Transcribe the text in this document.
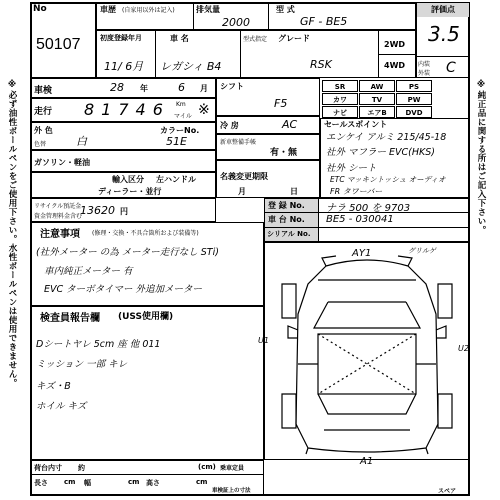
※必ず油性ボールペンをご使用下さい。水性ボールペンは使用できません。	※純正品に関する所はご記入下さい。
No
50107
車歴 (自家用以外は記入)	排気量
2000
型 式
GF - BE5
初度登録年月
11/ 6月
車 名
レガシィ B4
型式指定 グレード
RSK
2WD
4WD
評価点
3.5
内装
外装 C
車検	28 年	6 月
走行 81746 Km
マイル ※
外 色
色替	白
カラーNo.
51E
ガソリン・軽油
輸入区分
ディーラー・並行
左ハンドル
リサイクル預託金
資金管理料金含む
13620 円
シフト
F5
冷 房	AC
新車整備手帳
有・無
名義変更期限
月	日
SR	AW	PS
カワ	TV	PW
ナビ	エアB	DVD
セールスポイント
エンケイ アルミ 215/45-18
社外 マフラー EVC(HKS)
社外 シート
ETC マッキントッシュ オーディオ
FR タワーバー
登 録 No.	ナラ 500 を 9703
車 台 No.	BE5 - 030041
シリアル No.
注意事項 (修理・交換・不具合箇所および装備等)
(社外メーター の為 メーター走行なし STi)
車内純正メーター 有
EVC ターボタイマー 外追加メーター
検査員報告欄 (USS使用欄)
Dシートヤレ 5cm 座 他 011
ミッション 一部 キレ
キズ・B
ホイル キズ
AY1	グリルゲ
U1
U2
A1
スペア
荷台内寸 約	(cm)
長さ cm 幅	cm 高さ	cm
車検証上の寸法
乗車定員
